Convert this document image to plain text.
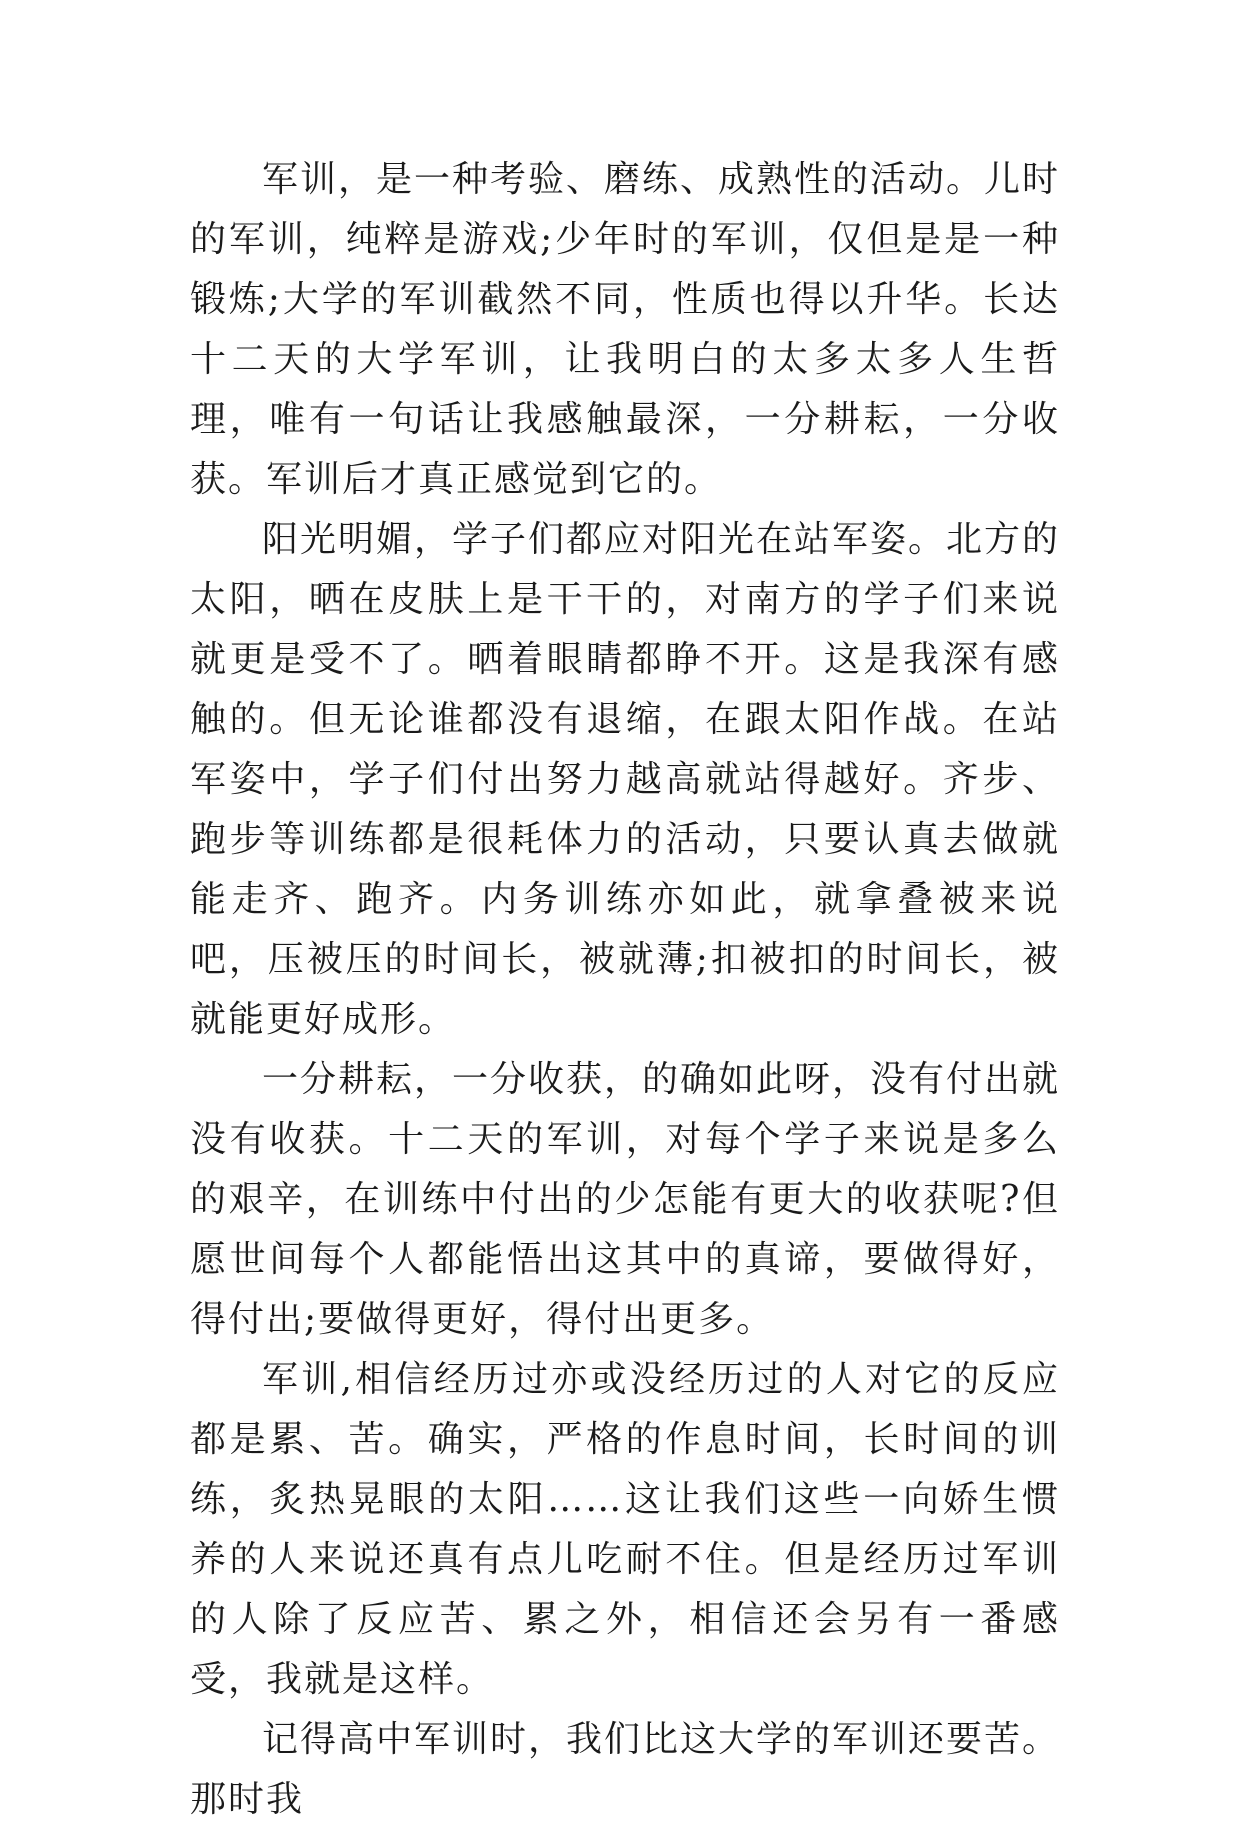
军训，是一种考验、磨练、成熟性的活动。儿时的军训，纯粹是游戏;少年时的军训，仅但是是一种锻炼;大学的军训截然不同，性质也得以升华。长达十二天的大学军训，让我明白的太多太多人生哲理，唯有一句话让我感触最深，一分耕耘，一分收获。军训后才真正感觉到它的。

阳光明媚，学子们都应对阳光在站军姿。北方的太阳，晒在皮肤上是干干的，对南方的学子们来说就更是受不了。晒着眼睛都睁不开。这是我深有感触的。但无论谁都没有退缩，在跟太阳作战。在站军姿中，学子们付出努力越高就站得越好。齐步、跑步等训练都是很耗体力的活动，只要认真去做就能走齐、跑齐。内务训练亦如此，就拿叠被来说吧，压被压的时间长，被就薄;扣被扣的时间长，被就能更好成形。

一分耕耘，一分收获，的确如此呀，没有付出就没有收获。十二天的军训，对每个学子来说是多么的艰辛，在训练中付出的少怎能有更大的收获呢?但愿世间每个人都能悟出这其中的真谛，要做得好，得付出;要做得更好，得付出更多。

军训,相信经历过亦或没经历过的人对它的反应都是累、苦。确实，严格的作息时间，长时间的训练，炙热晃眼的太阳……这让我们这些一向娇生惯养的人来说还真有点儿吃耐不住。但是经历过军训的人除了反应苦、累之外，相信还会另有一番感受，我就是这样。

记得高中军训时，我们比这大学的军训还要苦。那时我
